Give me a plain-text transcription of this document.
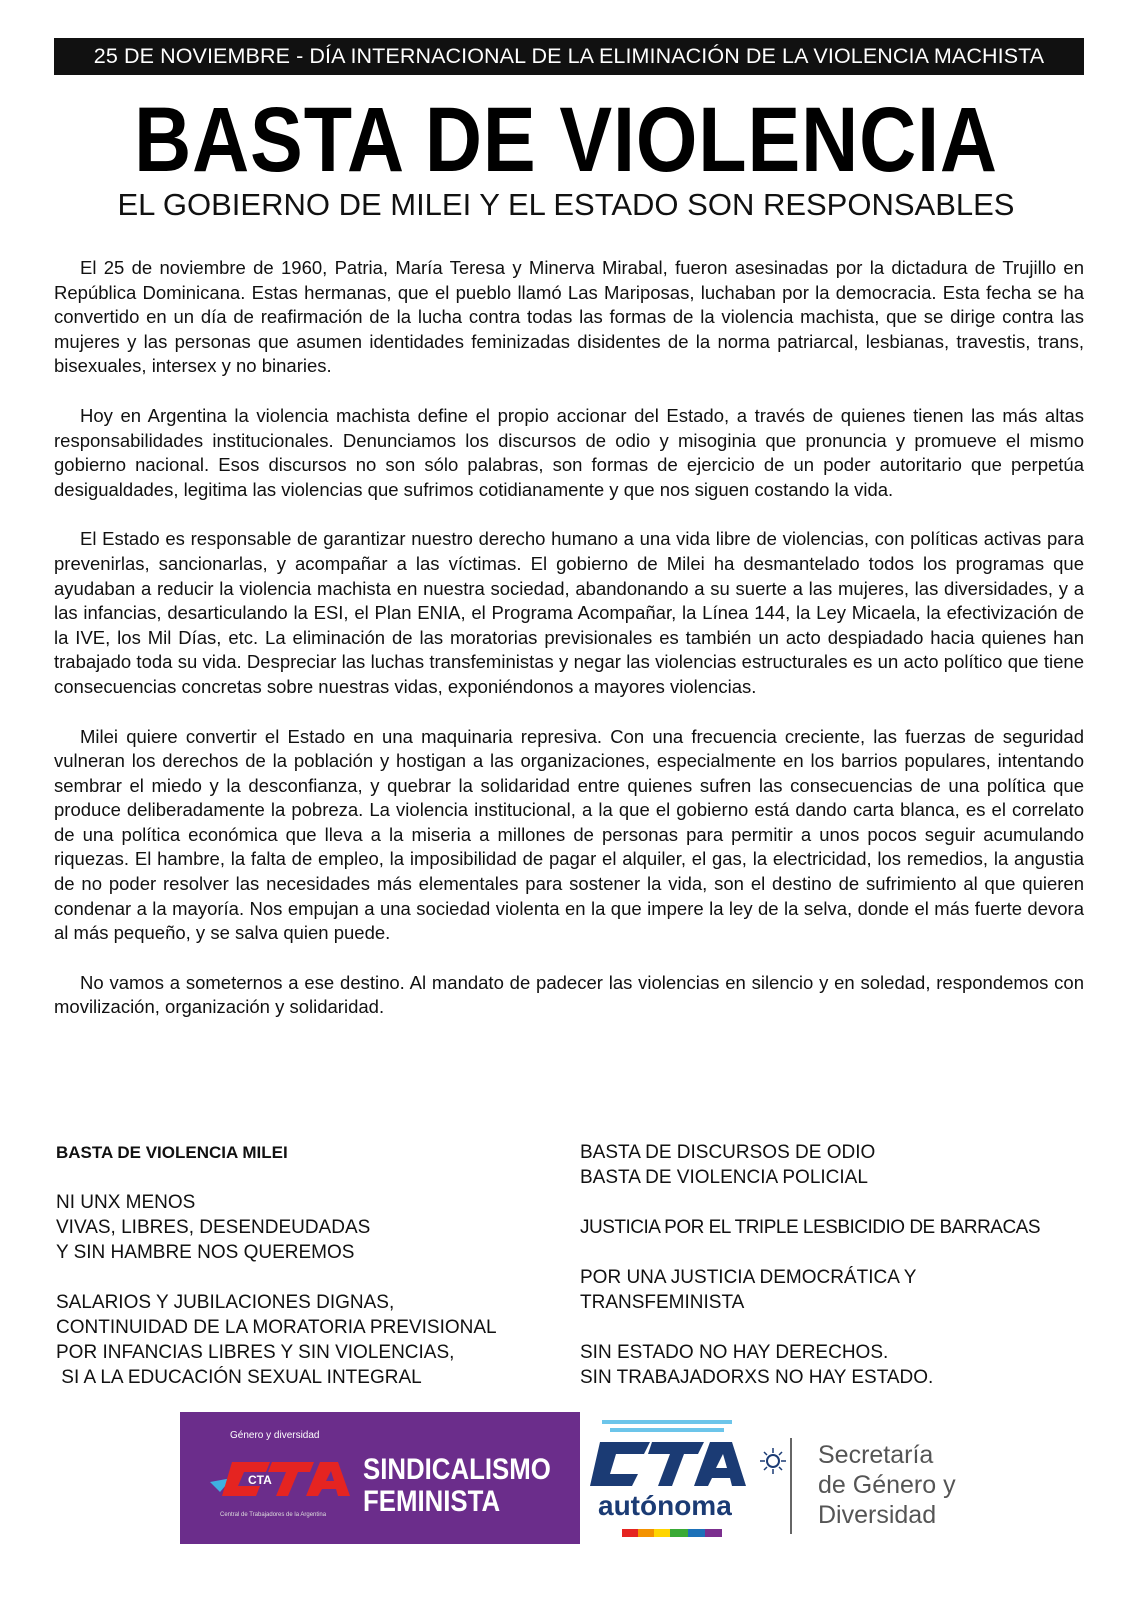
25 DE NOVIEMBRE - DÍA INTERNACIONAL DE LA ELIMINACIÓN DE LA VIOLENCIA MACHISTA
BASTA DE VIOLENCIA
EL GOBIERNO DE MILEI Y EL ESTADO SON RESPONSABLES

El 25 de noviembre de 1960, Patria, María Teresa y Minerva Mirabal, fueron asesinadas por la dictadura de Trujillo en República Dominicana. Estas hermanas, que el pueblo llamó Las Mariposas, luchaban por la democracia. Esta fecha se ha convertido en un día de reafirmación de la lucha contra todas las formas de la violencia machista, que se dirige contra las mujeres y las personas que asumen identidades feminizadas disidentes de la norma patriarcal, lesbianas, travestis, trans, bisexuales, intersex y no binaries.

Hoy en Argentina la violencia machista define el propio accionar del Estado, a través de quienes tienen las más altas responsabilidades institucionales. Denunciamos los discursos de odio y misoginia que pronuncia y promueve el mismo gobierno nacional. Esos discursos no son sólo palabras, son formas de ejercicio de un poder autoritario que perpetúa desigualdades, legitima las violencias que sufrimos cotidianamente y que nos siguen costando la vida.

El Estado es responsable de garantizar nuestro derecho humano a una vida libre de violencias, con políticas activas para prevenirlas, sancionarlas, y acompañar a las víctimas. El gobierno de Milei ha desmantelado todos los programas que ayudaban a reducir la violencia machista en nuestra sociedad, abandonando a su suerte a las mujeres, las diversidades, y a las infancias, desarticulando la ESI, el Plan ENIA, el Programa Acompañar, la Línea 144, la Ley Micaela, la efectivización de la IVE, los Mil Días, etc. La eliminación de las moratorias previsionales es también un acto despiadado hacia quienes han trabajado toda su vida. Despreciar las luchas transfeministas y negar las violencias estructurales es un acto político que tiene consecuencias concretas sobre nuestras vidas, exponiéndonos a mayores violencias.

Milei quiere convertir el Estado en una maquinaria represiva. Con una frecuencia creciente, las fuerzas de seguridad vulneran los derechos de la población y hostigan a las organizaciones, especialmente en los barrios populares, intentando sembrar el miedo y la desconfianza, y quebrar la solidaridad entre quienes sufren las consecuencias de una política que produce deliberadamente la pobreza. La violencia institucional, a la que el gobierno está dando carta blanca, es el correlato de una política económica que lleva a la miseria a millones de personas para permitir a unos pocos seguir acumulando riquezas. El hambre, la falta de empleo, la imposibilidad de pagar el alquiler, el gas, la electricidad, los remedios, la angustia de no poder resolver las necesidades más elementales para sostener la vida, son el destino de sufrimiento al que quieren condenar a la mayoría. Nos empujan a una sociedad violenta en la que impere la ley de la selva, donde el más fuerte devora al más pequeño, y se salva quien puede.

No vamos a someternos a ese destino. Al mandato de padecer las violencias en silencio y en soledad, respondemos con movilización, organización y solidaridad.

BASTA DE VIOLENCIA MILEI
NI UNX MENOS
VIVAS, LIBRES, DESENDEUDADAS
Y SIN HAMBRE NOS QUEREMOS
SALARIOS Y JUBILACIONES DIGNAS,
CONTINUIDAD DE LA MORATORIA PREVISIONAL
POR INFANCIAS LIBRES Y SIN VIOLENCIAS,
SI A LA EDUCACIÓN SEXUAL INTEGRAL
BASTA DE DISCURSOS DE ODIO
BASTA DE VIOLENCIA POLICIAL
JUSTICIA POR EL TRIPLE LESBICIDIO DE BARRACAS
POR UNA JUSTICIA DEMOCRÁTICA Y
TRANSFEMINISTA
SIN ESTADO NO HAY DERECHOS.
SIN TRABAJADORXS NO HAY ESTADO.
Género y diversidad
CTA
Central de Trabajadores de la Argentina
SINDICALISMO
FEMINISTA
CTA
autónoma
Secretaría
de Género y
Diversidad
